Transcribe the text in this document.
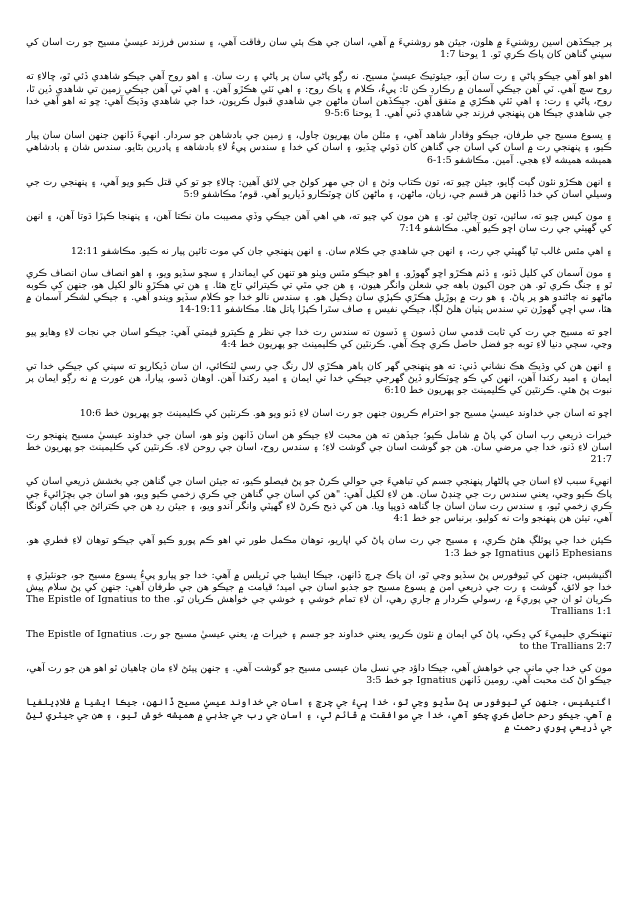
پر جيڪڏهن اسين روشنيءَ ۾ هلون، جيئن هو روشنيءَ ۾ آهي، اسان جي هڪ ٻئي سان رفاقت آهي، ۽ سندس فرزند عيسيٰ مسيح جو رت اسان کي سڀني گناهن کان پاڪ ڪري ٿو. 1 يوحنا 1:7

اهو اهو آهي جيڪو پاڻي ۽ رت سان آيو، جيئوتيڪ عيسيٰ مسيح. نه رڳو پاڻي سان پر پاڻي ۽ رت سان. ۽ اهو روح آهي جيڪو شاهدي ڏئي ٿو، ڇالاءِ ته روح سچ آهي. ٽي آهن جيڪي آسمان ۾ رڪارڊ ڪن ٿا: پيءُ، ڪلام ۽ پاڪ روح: ۽ اهي ٽئي هڪڙو آهن. ۽ اهي ٽي آهن جيڪي زمين تي شاهدي ڏين ٿا، روح، پاڻي ۽ رت: ۽ اهي ٽئي هڪڙي ۾ متفق آهن. جيڪڏهن اسان ماڻهن جي شاهدي قبول ڪريون، خدا جي شاهدي وڌيڪ آهي: ڇو ته اهو آهي خدا جي شاهدي جيڪا هن پنهنجي فرزند جي شاهدي ڏني آهي. 1 يوحنا 5:6-9

۽ يسوع مسيح جي طرفان، جيڪو وفادار شاهد آهي، ۽ مئلن مان پهريون ڄاول، ۽ زمين جي بادشاهن جو سردار. انهيءَ ڏانهن جنهن اسان سان پيار ڪيو، ۽ پنهنجي رت ۾ اسان کي اسان جي گناهن کان ڌوئي ڇڏيو، ۽ اسان کي خدا ۽ سندس پيءُ لاءِ بادشاهه ۽ پادرين بڻايو. سندس شان ۽ بادشاهي هميشه هميشه لاءِ هجي. آمين. مڪاشفو 1:5-6

۽ انهن هڪڙو نئون گيت ڳايو، جيئن چيو ته، تون ڪتاب وٺڻ ۽ ان جي مهر کولڻ جي لائق آهين: ڇالاءِ جو تو کي قتل ڪيو ويو آهي، ۽ پنهنجي رت جي وسيلي اسان کي خدا ڏانهن هر قسم جي، زبان، ماڻهن، ۽ ماڻهن کان ڇوٽڪارو ڏياريو آهي. قوم؛ مڪاشفو 5:9

۽ مون کيس چيو ته، سائين، تون ڄاڻين ٿو. ۽ هن مون کي چيو ته، هي اهي آهن جيڪي وڏي مصيبت مان نڪتا آهن، ۽ پنهنجا ڪپڙا ڌوتا آهن، ۽ انهن کي گهيٽي جي رت سان اڇو ڪيو آهي. مڪاشفو 7:14

۽ اهي مٿس غالب ٿيا گهيٽي جي رت، ۽ انهن جي شاهدي جي ڪلام سان. ۽ انهن پنهنجي جان کي موت تائين پيار نه ڪيو. مڪاشفو 12:11

۽ مون آسمان کي کليل ڏٺو، ۽ ڏٺم هڪڙو اڇو گهوڙو. ۽ اهو جيڪو مٿس ويٺو هو تنهن کي ايماندار ۽ سچو سڏيو ويو، ۽ اهو انصاف سان انصاف ڪري ٿو ۽ جنگ ڪري ٿو. هن جون اکيون باهه جي شعلن وانگر هيون، ۽ هن جي مٿي تي ڪيترائي تاج هئا. ۽ هن تي هڪڙو نالو لکيل هو، جنهن کي ڪوبه ماڻهو نه ڄاڻندو هو پر پاڻ. ۽ هو رت ۾ ٻوڙيل هڪڙي ڪپڙي سان ڍڪيل هو. ۽ سندس نالو خدا جو ڪلام سڏيو ويندو آهي. ۽ جيڪي لشڪر آسمان ۾ هئا، سي اڇي گهوڙن تي سندس پٺيان هلڻ لڳا، جيڪي نفيس ۽ صاف سٿرا ڪپڙا پاتل هئا. مڪاشفو 19:11-14

اڃو ته مسيح جي رت کي ثابت قدمي سان ڏسون ۽ ڏسون ته سندس رت خدا جي نظر ۾ ڪيترو قيمتي آهي: جيڪو اسان جي نجات لاءِ وهايو پيو وڃي، سڄي دنيا لاءِ توبه جو فضل حاصل ڪري ڇڪ آهي. ڪرنٿين کي ڪليمينٽ جو پهريون خط 4:4

۽ انهن هن کي وڌيڪ هڪ نشاني ڏني: ته هو پنهنجي گهر کان ٻاهر هڪڙي لال رنگ جي رسي لٽڪائي، ان سان ڏيکاريو ته سڀني کي جيڪي خدا تي ايمان ۽ اميد رکندا آهن، انهن کي ڪو ڇوٽڪارو ڏيڻ گهرجي جيڪي خدا تي ايمان ۽ اميد رکندا آهن. اوهان ڏسو، پيارا، هن عورت ۾ نه رڳو ايمان پر نبوت پڻ هئي. ڪرنٿين کي ڪليمينٽ جو پهريون خط 6:10

اچو ته اسان جي خداوند عيسيٰ مسيح جو احترام ڪريون جنهن جو رت اسان لاءِ ڏنو ويو هو. ڪرنٿين کي ڪليمينٽ جو پهريون خط 10:6

خيرات ذريعي رب اسان کي پاڻ ۾ شامل ڪيو؛ جيڏهن ته هن محبت لاءِ جيڪو هن اسان ڏانهن وٺو هو، اسان جي خداوند عيسيٰ مسيح پنهنجو رت اسان لاءِ ڏنو، خدا جي مرضي سان. هن جو گوشت اسان جي گوشت لاءِ؛ ۽ سندس روح، اسان جي روحن لاءِ. ڪرنٿين کي ڪليمينٽ جو پهريون خط 21:7

انهيءَ سبب لاءِ اسان جي پالڻهار پنهنجي جسم کي تباهيءَ جي حوالي ڪرڻ جو پڻ فيصلو ڪيو، ته جيئن اسان جي گناهن جي بخشش ذريعي اسان کي پاڪ ڪيو وڃي، يعني سندس رت جي ڇنڊڻ سان. هن لاءِ لکيل آهي: "هن کي اسان جي گناهن جي ڪري زخمي ڪيو ويو، هو اسان جي بڇڙائيءَ جي ڪري زخمي ٿيو، ۽ سندس رت سان اسان جا گناهه ڌوپيا ويا. هن کي ذبح ڪرڻ لاءِ گهيٽي وانگر آندو ويو، ۽ جيئن رڍ هن جي ڪترائڻ جي اڳيان گونگا آهي، تيئن هن پنهنجو وات نه کوليو. برنباس جو خط 4:1

ڪيئن خدا جي پوئلڳ هئڻ ڪري، ۽ مسيح جي رت سان پاڻ کي اڀاريو، توهان مڪمل طور تي اهو ڪم پورو ڪيو آهي جيڪو توهان لاءِ فطري هو. Ephesians ڏانهن Ignatius جو خط 1:3

اگنيشيس، جنهن کي ٿيوفورس پڻ سڏيو وڃي ٿو، ان پاڪ چرچ ڏانهن، جيڪا ايشيا جي ٽريلس ۾ آهي: خدا جو پيارو پيءُ يسوع مسيح جو، جونئيڙي ۽ خدا جو لائق، گوشت ۽ رت جي ذريعي امن ۾ يسوع مسيح جو جذبو اسان جي اميد؛ قيامت ۾ جيڪو هن جي طرفان آهي: جنهن کي پڻ سلام پيش ڪريان ٿو ان جي پوريءَ ۾، رسولي ڪردار ۾ جاري رهي، ان لاءِ تمام خوشي ۽ خوشي جي خواهش ڪريان ٿو. The Epistle of Ignatius to the Trallians 1:1

تنهنڪري حليميءَ کي ڍڪي، پاڻ کي ايمان ۾ نئون ڪريو، يعني خداوند جو جسم ۽ خيرات ۾، يعني عيسيٰ مسيح جو رت. The Epistle of Ignatius to the Trallians 2:7

مون کي خدا جي ماني جي خواهش آهي، جيڪا داؤد جي نسل مان عيسى مسيح جو گوشت آهي. ۽ جنهن پيئڻ لاءِ مان چاهيان ٿو اهو هن جو رت آهي، جيڪو اڻ کٽ محبت آهي. رومين ڏانهن Ignatius جو خط 3:5

اگنيشيس، جنهن کي ٿيوفورس پڻ سڏيو وڃي ٿو، خدا پيءُ جي چرچ ۽ اسان جي خداوند عيسيٰ مسيح ڏانهن، جيڪا ايشيا ۾ فلاڊيلفيا ۾ آهي. جيڪو رحم حاصل ڪري چڪو آهي، خدا جي موافقت ۾ قائم ٿي، ۽ اسان جي رب جي جذبي ۾ هميشه خوش ٿيو، ۽ هن جي جيئري ٿيڻ جي ذريعي پوري رحمت ۾
